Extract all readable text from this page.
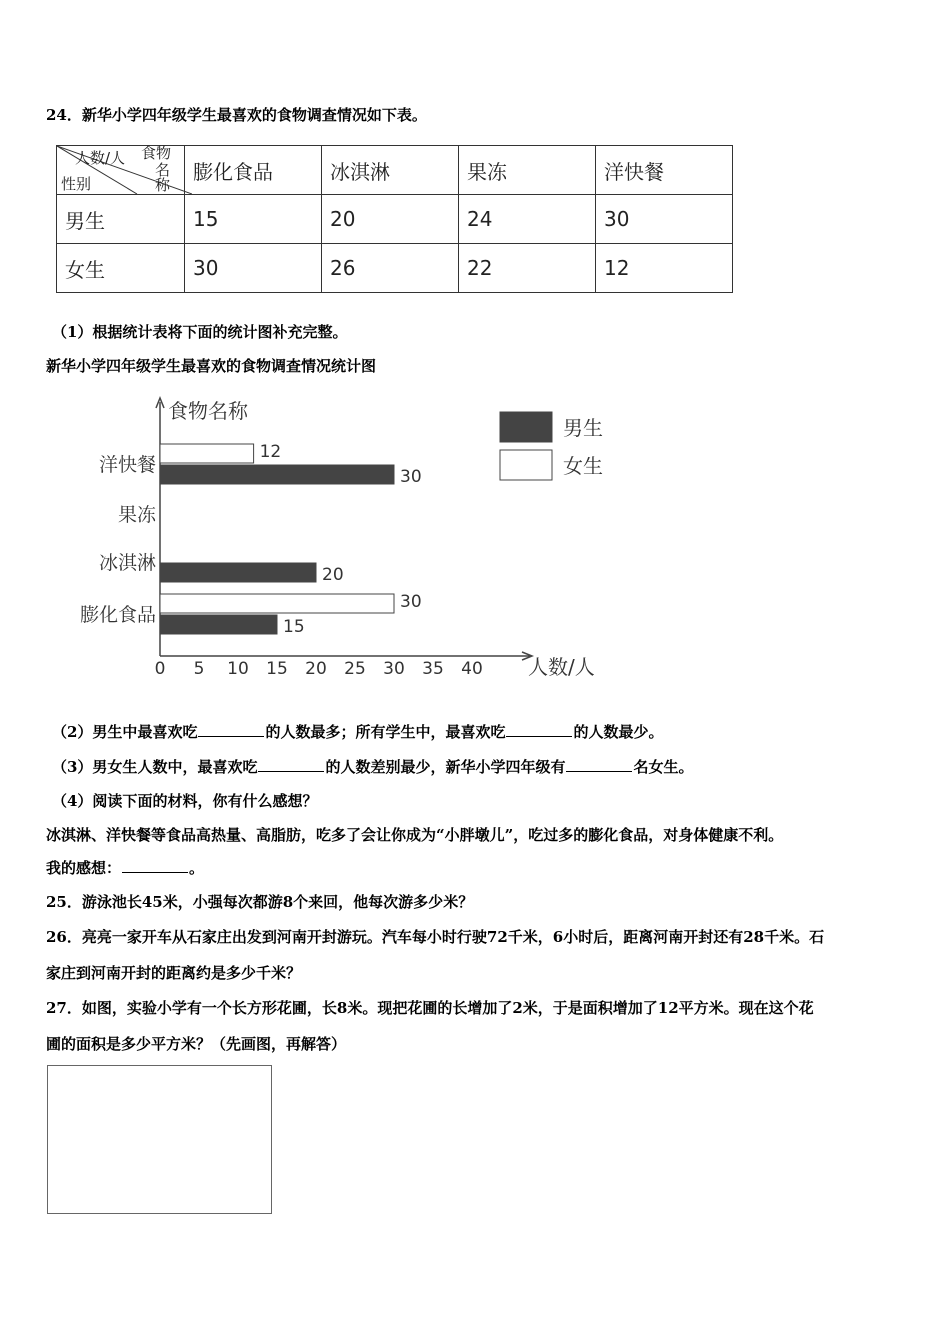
24．新华小学四年级学生最喜欢的食物调查情况如下表。
人数/人 食物
名称
性别	膨化食品	冰淇淋	果冻	洋快餐
男生	15	20	24	30
女生	30	26	22	12
（1）根据统计表将下面的统计图补充完整。
新华小学四年级学生最喜欢的食物调查情况统计图
食物名称
人数/人
0 5 10 15 20 25 30 35 40
膨化食品
冰淇淋
果冻
洋快餐
15
20
30
30
12
男生
女生
（2）男生中最喜欢吃	的人数最多；所有学生中，最喜欢吃	的人数最少。
（3）男女生人数中，最喜欢吃	的人数差别最少，新华小学四年级有	名女生。
（4）阅读下面的材料，你有什么感想？
冰淇淋、洋快餐等食品高热量、高脂肪，吃多了会让你成为“小胖墩儿”，吃过多的膨化食品，对身体健康不利。
我的感想：	。
25．游泳池长45米，小强每次都游8个来回，他每次游多少米？
26．亮亮一家开车从石家庄出发到河南开封游玩。汽车每小时行驶72千米，6小时后，距离河南开封还有28千米。石
家庄到河南开封的距离约是多少千米？
27．如图，实验小学有一个长方形花圃，长8米。现把花圃的长增加了2米，于是面积增加了12平方米。现在这个花
圃的面积是多少平方米？（先画图，再解答）
